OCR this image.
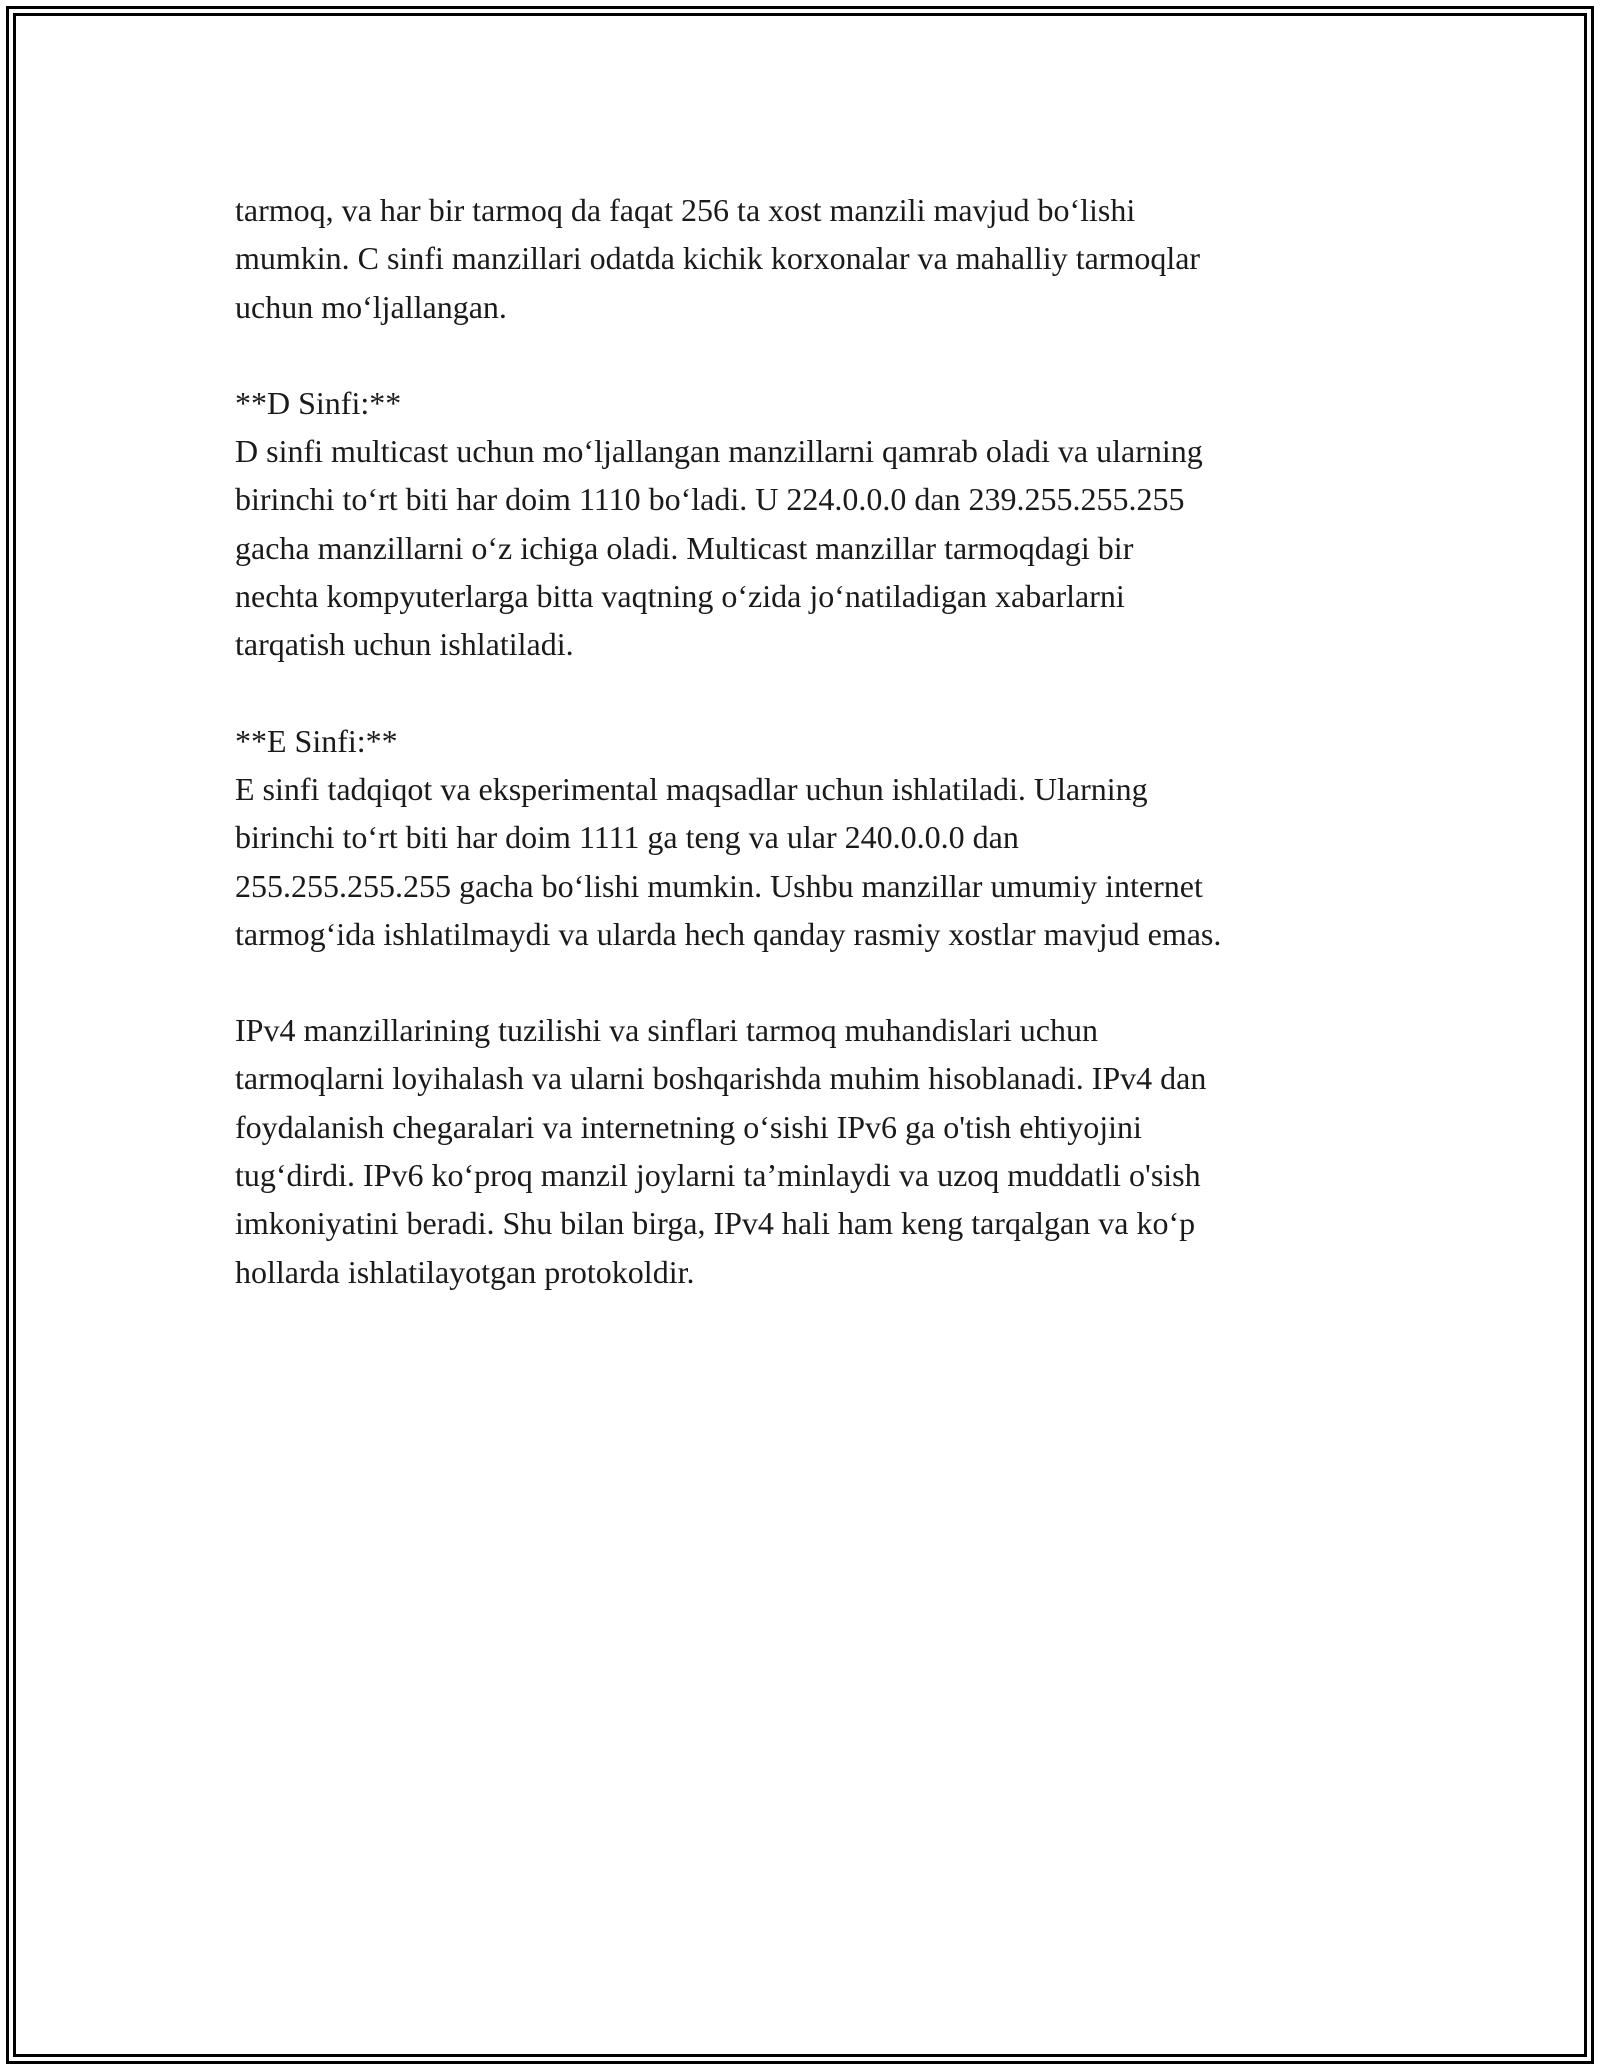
tarmoq, va har bir tarmoq da faqat 256 ta xost manzili mavjud bo‘lishi
mumkin. C sinfi manzillari odatda kichik korxonalar va mahalliy tarmoqlar
uchun mo‘ljallangan.

**D Sinfi:**
D sinfi multicast uchun mo‘ljallangan manzillarni qamrab oladi va ularning
birinchi to‘rt biti har doim 1110 bo‘ladi. U 224.0.0.0 dan 239.255.255.255
gacha manzillarni o‘z ichiga oladi. Multicast manzillar tarmoqdagi bir
nechta kompyuterlarga bitta vaqtning o‘zida jo‘natiladigan xabarlarni
tarqatish uchun ishlatiladi.

**E Sinfi:**
E sinfi tadqiqot va eksperimental maqsadlar uchun ishlatiladi. Ularning
birinchi to‘rt biti har doim 1111 ga teng va ular 240.0.0.0 dan
255.255.255.255 gacha bo‘lishi mumkin. Ushbu manzillar umumiy internet
tarmog‘ida ishlatilmaydi va ularda hech qanday rasmiy xostlar mavjud emas.

IPv4 manzillarining tuzilishi va sinflari tarmoq muhandislari uchun
tarmoqlarni loyihalash va ularni boshqarishda muhim hisoblanadi. IPv4 dan
foydalanish chegaralari va internetning o‘sishi IPv6 ga o'tish ehtiyojini
tug‘dirdi. IPv6 ko‘proq manzil joylarni ta’minlaydi va uzoq muddatli o'sish
imkoniyatini beradi. Shu bilan birga, IPv4 hali ham keng tarqalgan va ko‘p
hollarda ishlatilayotgan protokoldir.
